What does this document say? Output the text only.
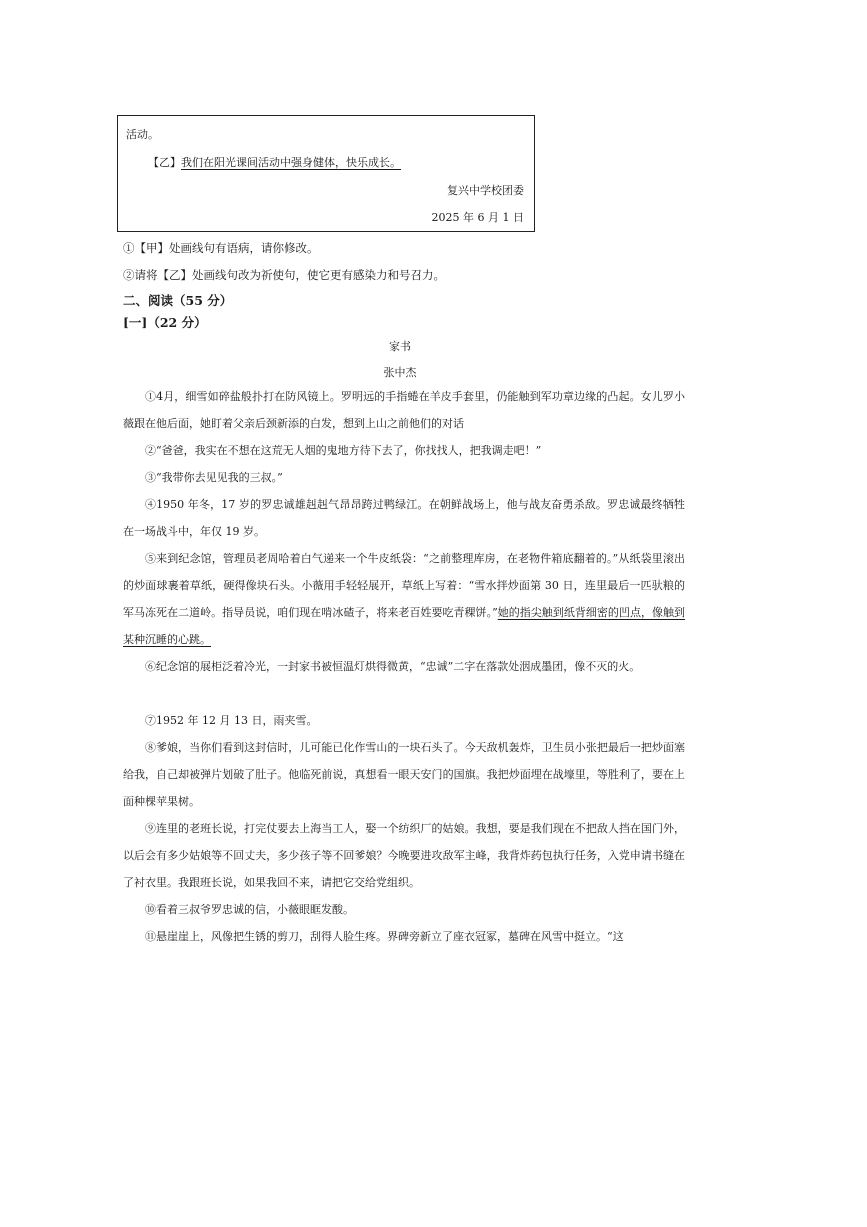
活动。
【乙】我们在阳光课间活动中强身健体，快乐成长。
复兴中学校团委
2025 年 6 月 1 日
①【甲】处画线句有语病，请你修改。
②请将【乙】处画线句改为祈使句，使它更有感染力和号召力。
二、阅读（55 分）
[一]（22 分）
家书
张中杰

①4月，细雪如碎盐般扑打在防风镜上。罗明远的手指蜷在羊皮手套里，仍能触到军功章边缘的凸起。女儿罗小薇跟在他后面，她盯着父亲后颈新添的白发，想到上山之前他们的对话

②“爸爸，我实在不想在这荒无人烟的鬼地方待下去了，你找找人，把我调走吧！”

③“我带你去见见我的三叔。”

④1950 年冬，17 岁的罗忠诚雄赳赳气昂昂跨过鸭绿江。在朝鲜战场上，他与战友奋勇杀敌。罗忠诚最终牺牲在一场战斗中，年仅 19 岁。

⑤来到纪念馆，管理员老周哈着白气递来一个牛皮纸袋：“之前整理库房，在老物件箱底翻着的。”从纸袋里滚出的炒面球裹着草纸，硬得像块石头。小薇用手轻轻展开，草纸上写着：“雪水拌炒面第 30 日，连里最后一匹驮粮的军马冻死在二道岭。指导员说，咱们现在啃冰碴子，将来老百姓要吃青稞饼。”她的指尖触到纸背细密的凹点，像触到某种沉睡的心跳。

⑥纪念馆的展柜泛着冷光，一封家书被恒温灯烘得微黄，“忠诚”二字在落款处洇成墨团，像不灭的火。

⑦1952 年 12 月 13 日，雨夹雪。

⑧爹娘，当你们看到这封信时，儿可能已化作雪山的一块石头了。今天敌机轰炸，卫生员小张把最后一把炒面塞给我，自己却被弹片划破了肚子。他临死前说，真想看一眼天安门的国旗。我把炒面埋在战壕里，等胜利了，要在上面种棵苹果树。

⑨连里的老班长说，打完仗要去上海当工人，娶一个纺织厂的姑娘。我想，要是我们现在不把敌人挡在国门外，以后会有多少姑娘等不回丈夫，多少孩子等不回爹娘？今晚要进攻敌军主峰，我背炸药包执行任务，入党申请书缝在了衬衣里。我跟班长说，如果我回不来，请把它交给党组织。

⑩看着三叔爷罗忠诚的信，小薇眼眶发酸。

⑪悬崖崖上，风像把生锈的剪刀，刮得人脸生疼。界碑旁新立了座衣冠冢，墓碑在风雪中挺立。“这
